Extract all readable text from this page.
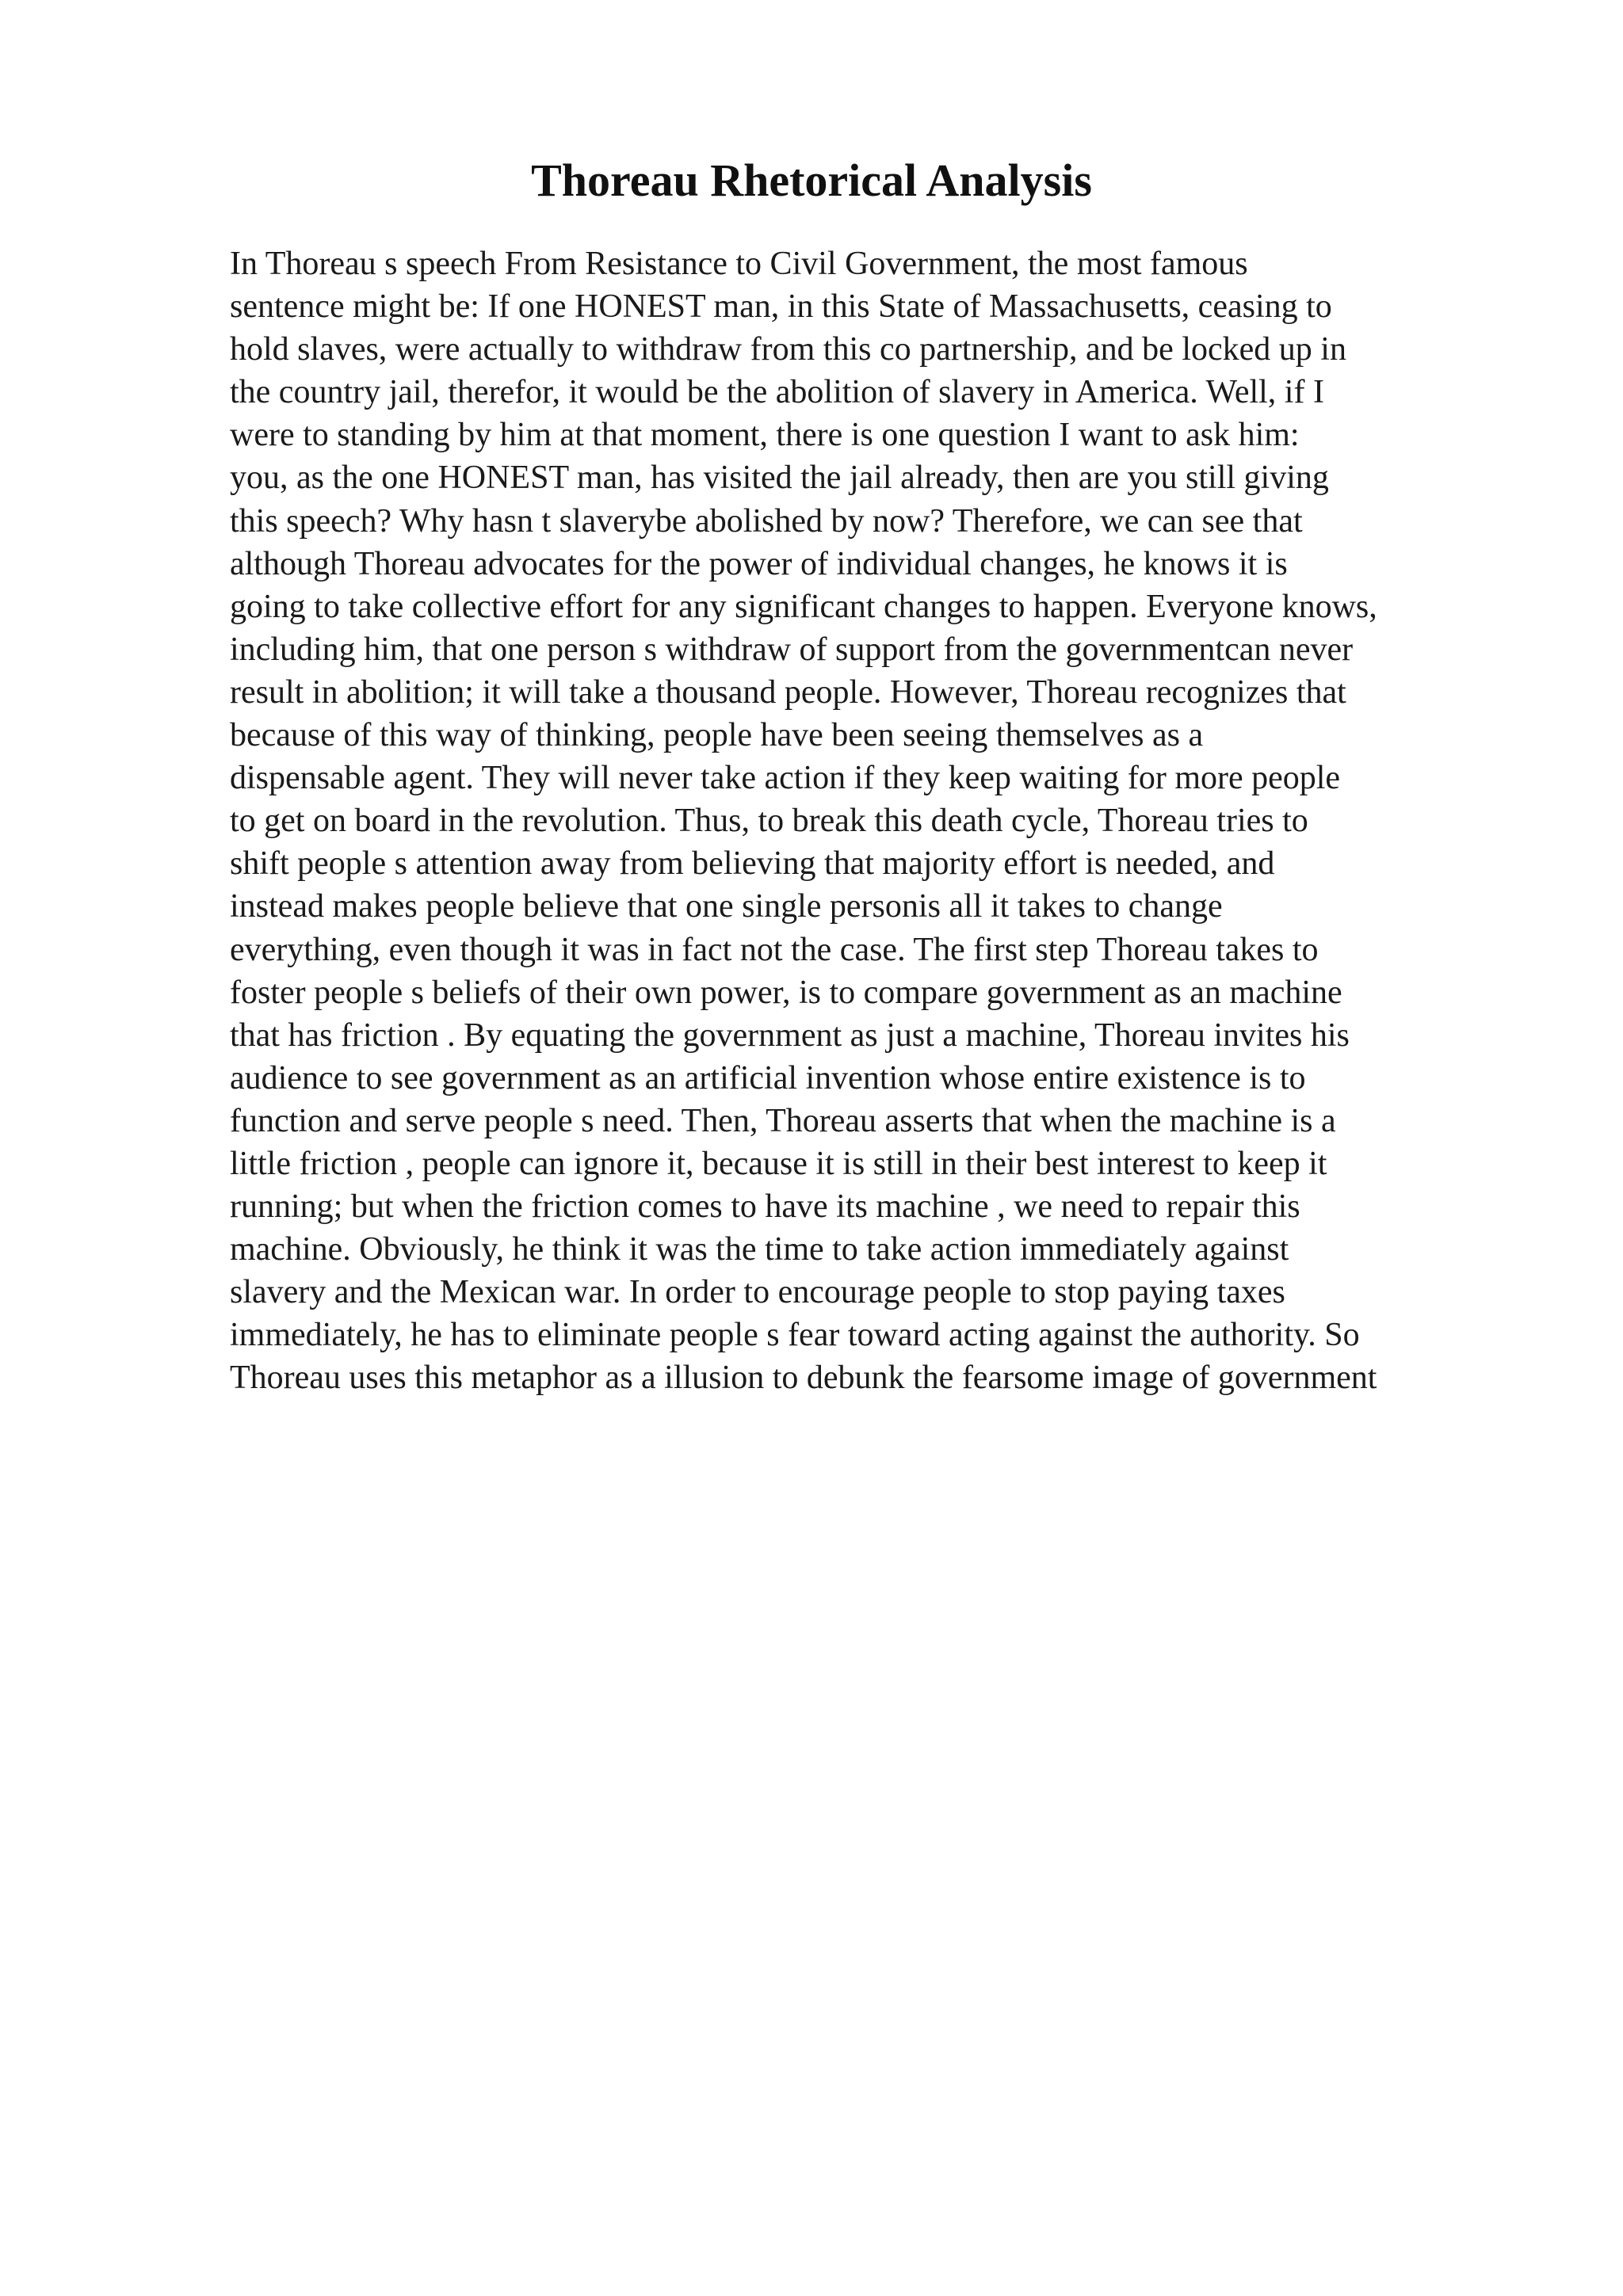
Thoreau Rhetorical Analysis
In Thoreau s speech From Resistance to Civil Government, the most famous
sentence might be: If one HONEST man, in this State of Massachusetts, ceasing to
hold slaves, were actually to withdraw from this co partnership, and be locked up in
the country jail, therefor, it would be the abolition of slavery in America. Well, if I
were to standing by him at that moment, there is one question I want to ask him:
you, as the one HONEST man, has visited the jail already, then are you still giving
this speech? Why hasn t slaverybe abolished by now? Therefore, we can see that
although Thoreau advocates for the power of individual changes, he knows it is
going to take collective effort for any significant changes to happen. Everyone knows,
including him, that one person s withdraw of support from the governmentcan never
result in abolition; it will take a thousand people. However, Thoreau recognizes that
because of this way of thinking, people have been seeing themselves as a
dispensable agent. They will never take action if they keep waiting for more people
to get on board in the revolution. Thus, to break this death cycle, Thoreau tries to
shift people s attention away from believing that majority effort is needed, and
instead makes people believe that one single personis all it takes to change
everything, even though it was in fact not the case. The first step Thoreau takes to
foster people s beliefs of their own power, is to compare government as an machine
that has friction . By equating the government as just a machine, Thoreau invites his
audience to see government as an artificial invention whose entire existence is to
function and serve people s need. Then, Thoreau asserts that when the machine is a
little friction , people can ignore it, because it is still in their best interest to keep it
running; but when the friction comes to have its machine , we need to repair this
machine. Obviously, he think it was the time to take action immediately against
slavery and the Mexican war. In order to encourage people to stop paying taxes
immediately, he has to eliminate people s fear toward acting against the authority. So
Thoreau uses this metaphor as a illusion to debunk the fearsome image of government
